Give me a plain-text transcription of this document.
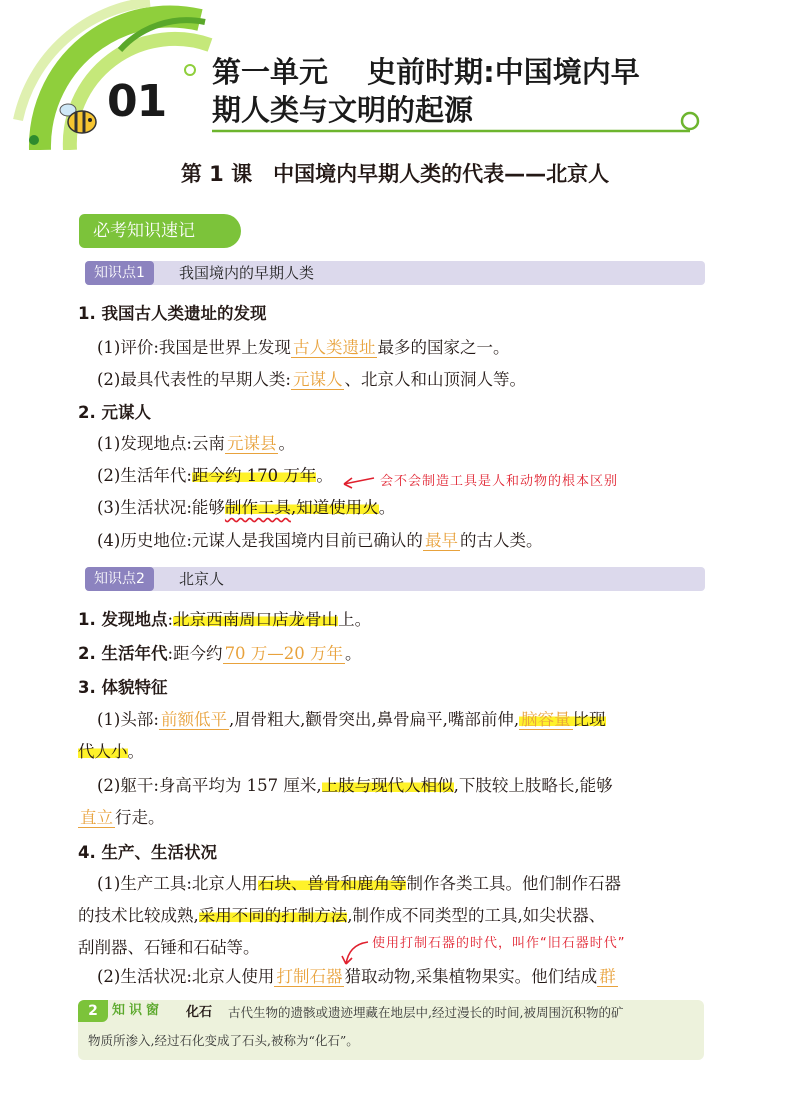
01
第一单元　 史前时期:中国境内早
期人类与文明的起源
第 1 课　中国境内早期人类的代表——北京人
必考知识速记
知识点1	我国境内的早期人类
1. 我国古人类遗址的发现
(1)评价:我国是世界上发现 古人类遗址 最多的国家之一。
(2)最具代表性的早期人类: 元谋人 、北京人和山顶洞人等。
2. 元谋人
(1)发现地点:云南 元谋县 。
(2)生活年代:距今约 170 万年。
(3)生活状况:能够制作工具,知道使用火。
(4)历史地位:元谋人是我国境内目前已确认的 最早 的古人类。
会不会制造工具是人和动物的根本区别
知识点2	北京人
1. 发现地点:北京西南周口店龙骨山上。
2. 生活年代:距今约 70 万—20 万年 。
3. 体貌特征
(1)头部: 前额低平 ,眉骨粗大,颧骨突出,鼻骨扁平,嘴部前伸, 脑容量 比现
代人小。
(2)躯干:身高平均为 157 厘米,上肢与现代人相似,下肢较上肢略长,能够
直立 行走。
4. 生产、生活状况
(1)生产工具:北京人用石块、兽骨和鹿角等制作各类工具。他们制作石器
的技术比较成熟,采用不同的打制方法,制作成不同类型的工具,如尖状器、
刮削器、石锤和石砧等。
(2)生活状况:北京人使用 打制石器 猎取动物,采集植物果实。他们结成 群
使用打制石器的时代，叫作“旧石器时代”
2	知识窗 化石 古代生物的遗骸或遗迹埋藏在地层中,经过漫长的时间,被周围沉积物的矿
物质所渗入,经过石化变成了石头,被称为“化石”。
